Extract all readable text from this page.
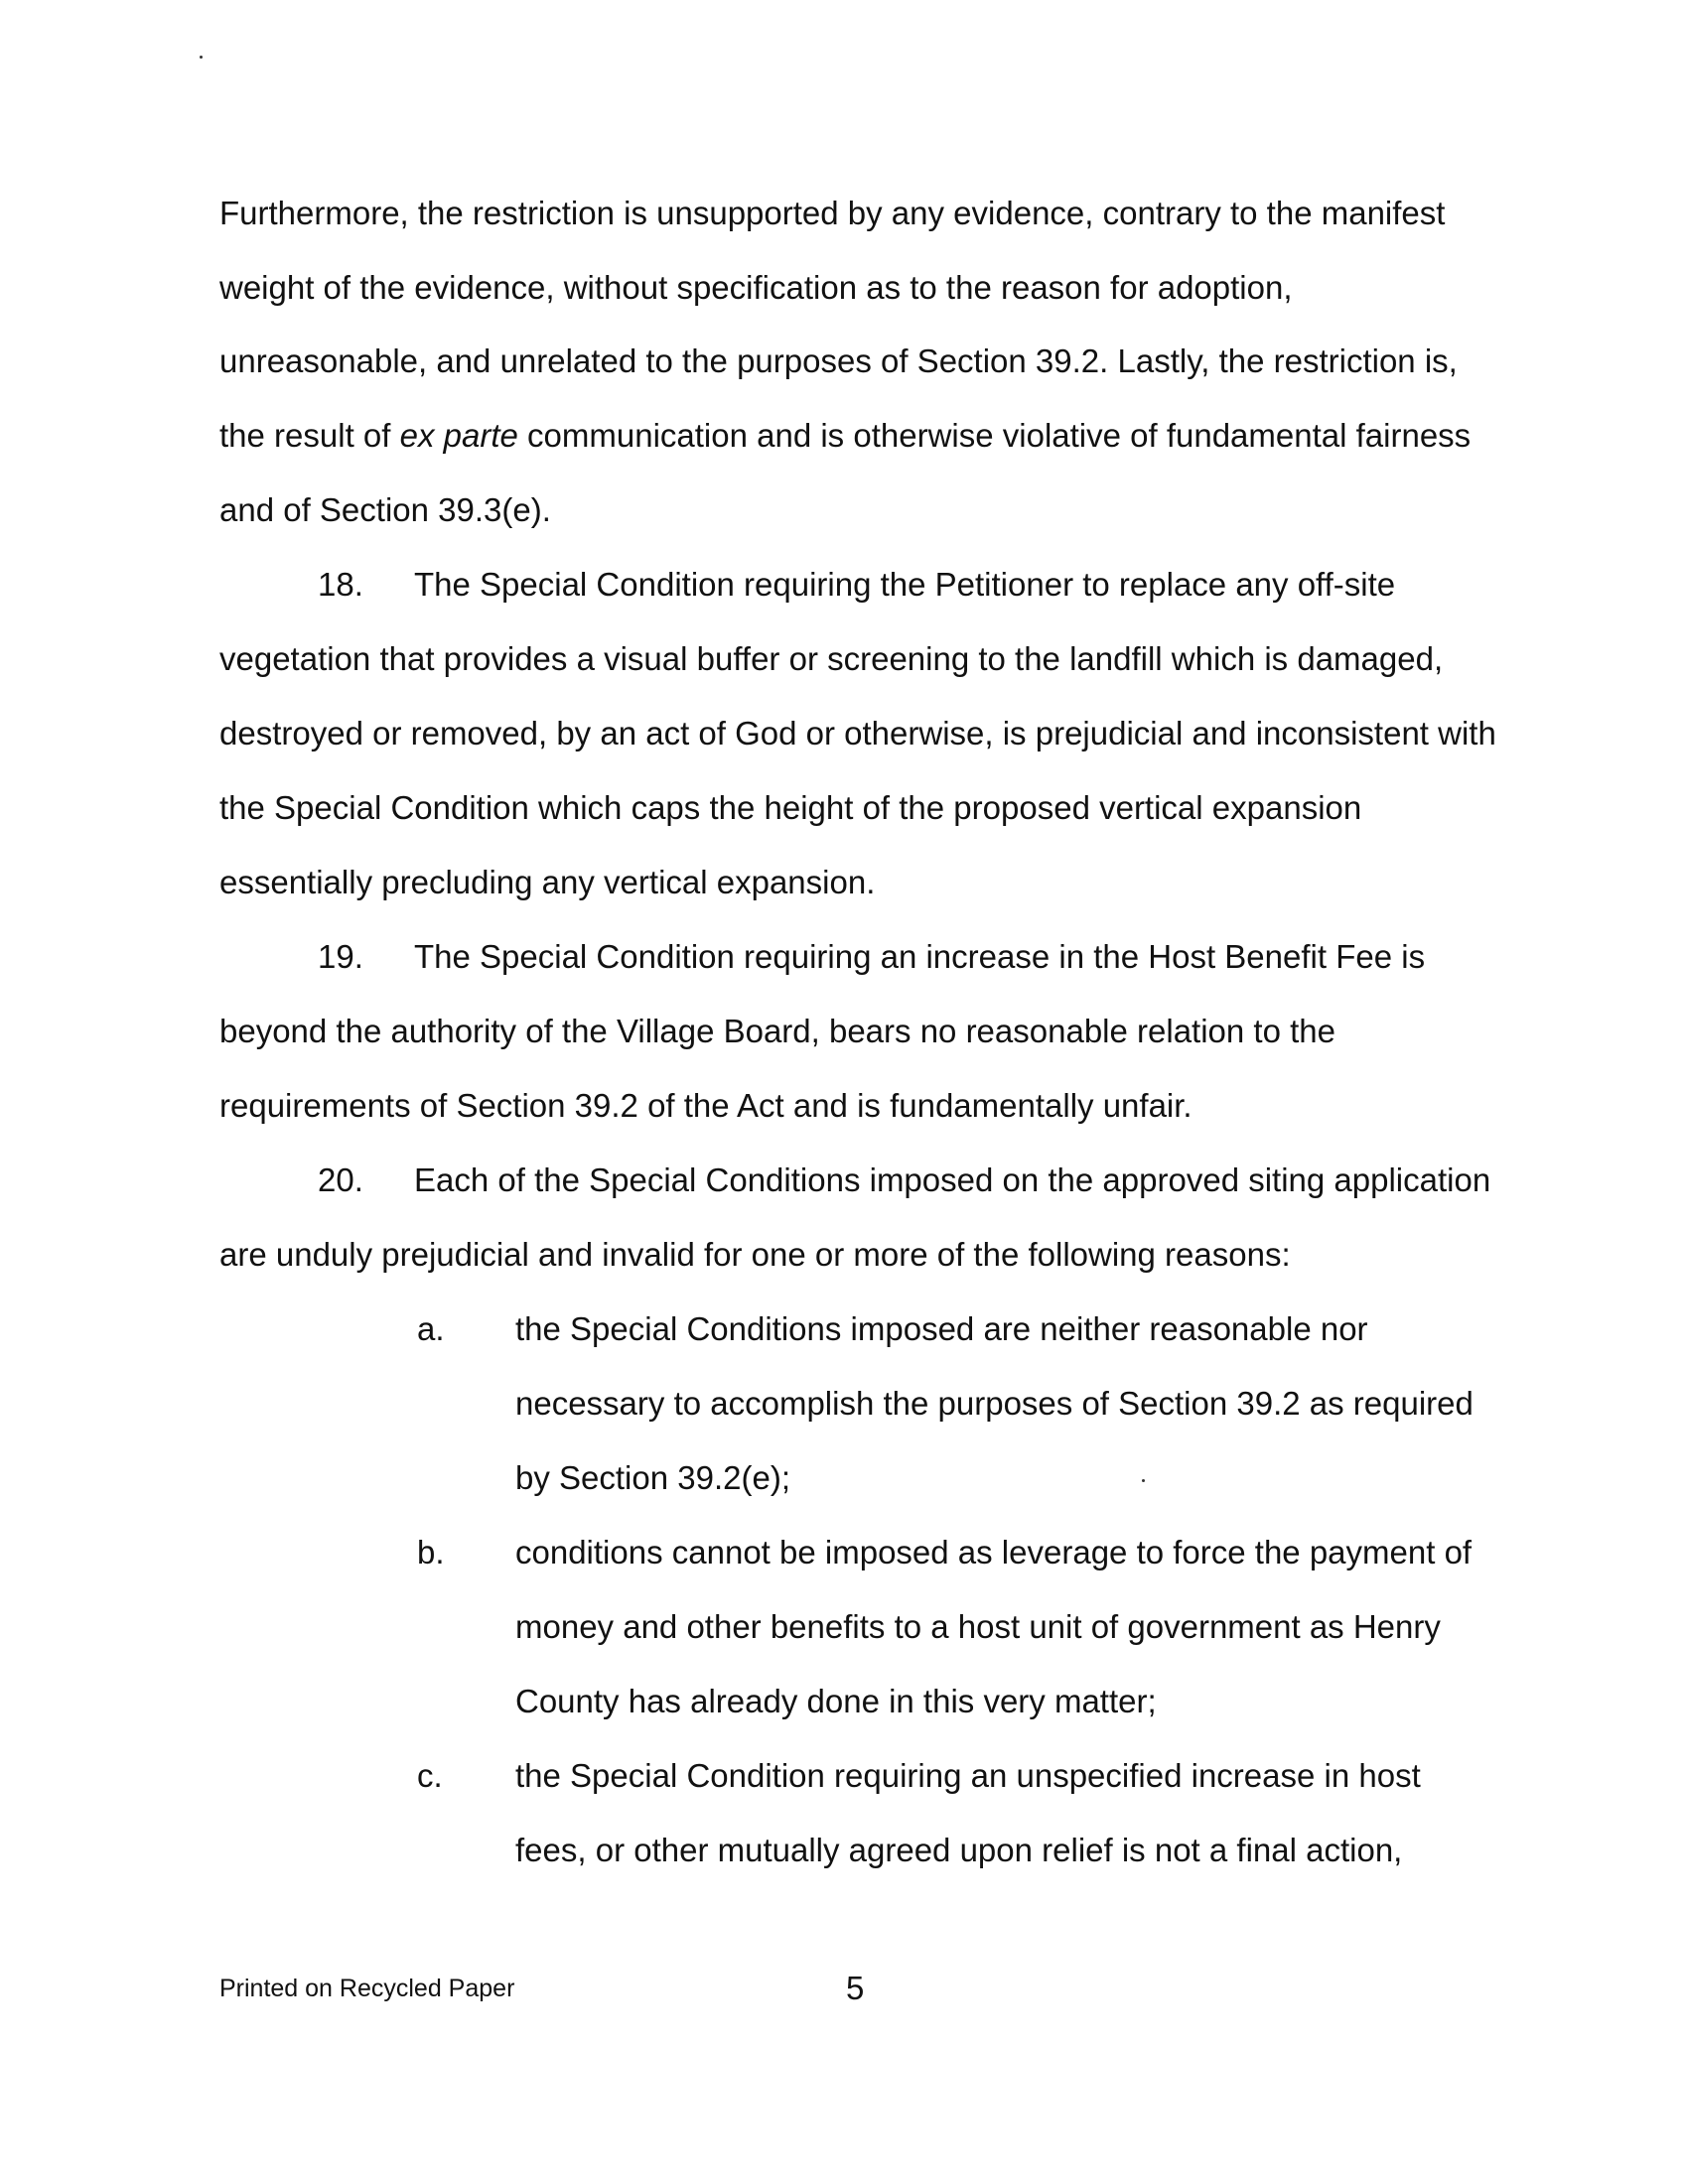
Furthermore, the restriction is unsupported by any evidence, contrary to the manifest
weight of the evidence, without specification as to the reason for adoption,
unreasonable, and unrelated to the purposes of Section 39.2. Lastly, the restriction is,
the result of ex parte communication and is otherwise violative of fundamental fairness
and of Section 39.3(e).
18. The Special Condition requiring the Petitioner to replace any off-site
vegetation that provides a visual buffer or screening to the landfill which is damaged,
destroyed or removed, by an act of God or otherwise, is prejudicial and inconsistent with
the Special Condition which caps the height of the proposed vertical expansion
essentially precluding any vertical expansion.
19. The Special Condition requiring an increase in the Host Benefit Fee is
beyond the authority of the Village Board, bears no reasonable relation to the
requirements of Section 39.2 of the Act and is fundamentally unfair.
20. Each of the Special Conditions imposed on the approved siting application
are unduly prejudicial and invalid for one or more of the following reasons:
a. the Special Conditions imposed are neither reasonable nor
necessary to accomplish the purposes of Section 39.2 as required
by Section 39.2(e);
b. conditions cannot be imposed as leverage to force the payment of
money and other benefits to a host unit of government as Henry
County has already done in this very matter;
c. the Special Condition requiring an unspecified increase in host
fees, or other mutually agreed upon relief is not a final action,
Printed on Recycled Paper	5
